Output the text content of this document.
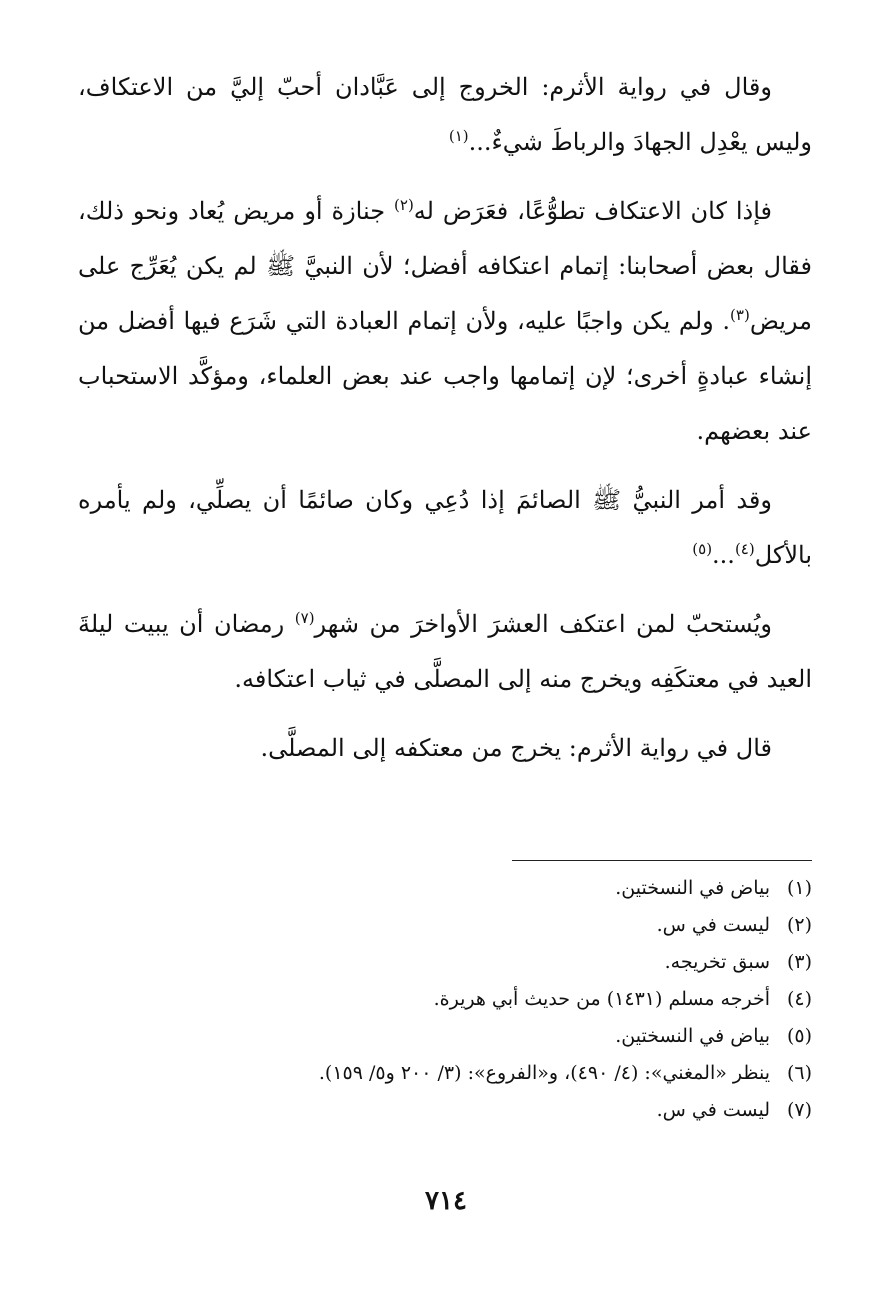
وقال في رواية الأثرم: الخروج إلى عَبَّادان أحبّ إليَّ من الاعتكاف، وليس يعْدِل الجهادَ والرباطَ شيءٌ...$^{(١)}$

فإذا كان الاعتكاف تطوُّعًا، فعَرَض له$^{(٢)}$ جنازة أو مريض يُعاد ونحو ذلك، فقال بعض أصحابنا: إتمام اعتكافه أفضل؛ لأن النبيَّ ﷺ لم يكن يُعَرِّج على مريض$^{(٣)}$. ولم يكن واجبًا عليه، ولأن إتمام العبادة التي شَرَع فيها أفضل من إنشاء عبادةٍ أخرى؛ لإن إتمامها واجب عند بعض العلماء، ومؤكَّد الاستحباب عند بعضهم.

وقد أمر النبيُّ ﷺ الصائمَ إذا دُعِي وكان صائمًا أن يصلِّي، ولم يأمره بالأكل$^{(٤)}$...$^{(٥)}$

ويُستحبّ لمن اعتكف العشرَ الأواخرَ من شهر$^{(٧)}$ رمضان أن يبيت ليلةَ العيد في معتكَفِه ويخرج منه إلى المصلَّى في ثياب اعتكافه.

قال في رواية الأثرم: يخرج من معتكفه إلى المصلَّى.

(١)بياض في النسختين.
(٢)ليست في س.
(٣)سبق تخريجه.
(٤)أخرجه مسلم (١٤٣١) من حديث أبي هريرة.
(٥)بياض في النسختين.
(٦)ينظر «المغني»: (٤/ ٤٩٠)، و«الفروع»: (٣/ ٢٠٠ و٥/ ١٥٩).
(٧)ليست في س.
٧١٤
